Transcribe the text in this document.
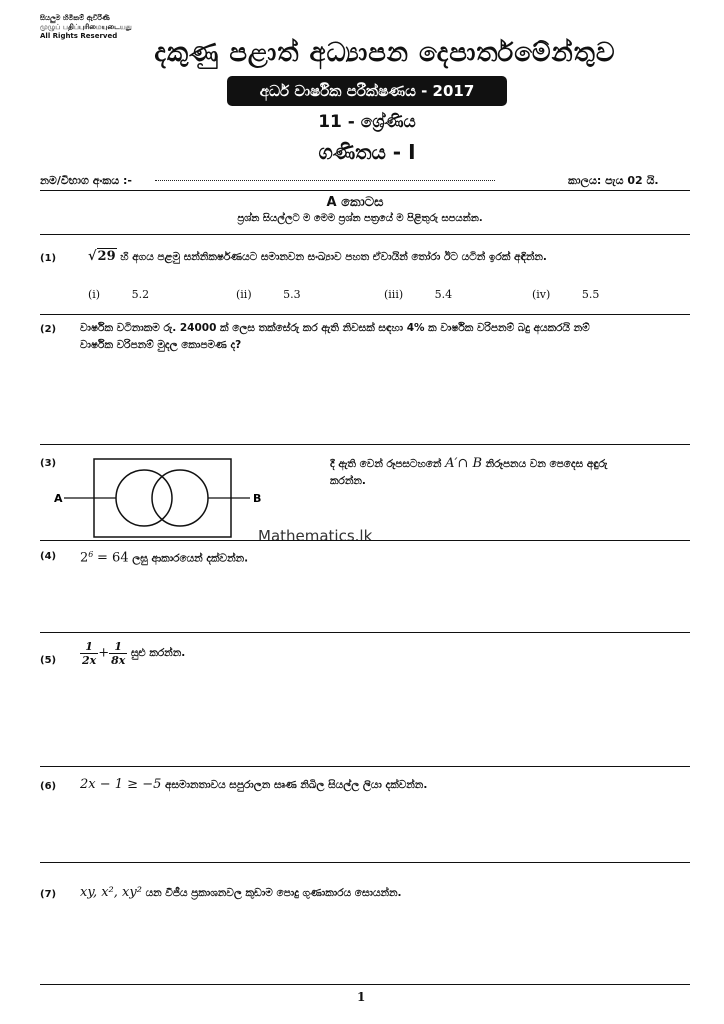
සියලුම හිමිකම් ඇවිරිණි
முழுப் பதிப்புரிமையுடையது
All Rights Reserved
දකුණු පළාත් අධ්‍යාපන දෙපාර්තමේන්තුව
අර්ධ වාර්ෂික පරීක්ෂණය - 2017
11 - ශ්‍රේණිය
ගණිතය - I
නම/විභාග අංකය :-	කාලය: පැය 02 යි.
A කොටස
ප්‍රශ්න සියල්ලට ම මෙම ප්‍රශ්න පත්‍රයේ ම පිළිතුරු සපයන්න.
(1) √29 හි අගය පළමු සන්නිකර්ෂණයට සමානවන සංඛ්‍යාව පහත ඒවායින් තෝරා ඊට යටින් ඉරක් අඳින්න.
(i)	5.2	(ii)	5.3	(iii)	5.4	(iv)	5.5
(2) වාර්ෂික වටිනාකම රු. 24000 ක් ලෙස තක්සේරු කර ඇති නිවසක් සඳහා 4% ක වාර්ෂික වරිපනම් බදු අයකරයි නම්
වාර්ෂික වරිපනම් මුදල කොපමණ ද?
(3)
A	B
දී ඇති වෙන් රූපසටහනේ A′∩ B නිරූපනය වන පෙදෙස අඳුරු
කරන්න.
Mathematics.lk
(4) $2^6 = 64$ ලඝු ආකාරයෙන් දක්වන්න.
$(5) \frac{1}{2x} + \frac{1}{8x}$ සුළු කරන්න.
(6) 2x − 1 ≥ −5 අසමානතාවය සපුරාලන සෘණ නිඛිල සියල්ල ලියා දක්වන්න.
(7) xy, x², xy² යන වීජීය ප්‍රකාශනවල කුඩාම පොදු ගුණාකාරය සොයන්න.
1
